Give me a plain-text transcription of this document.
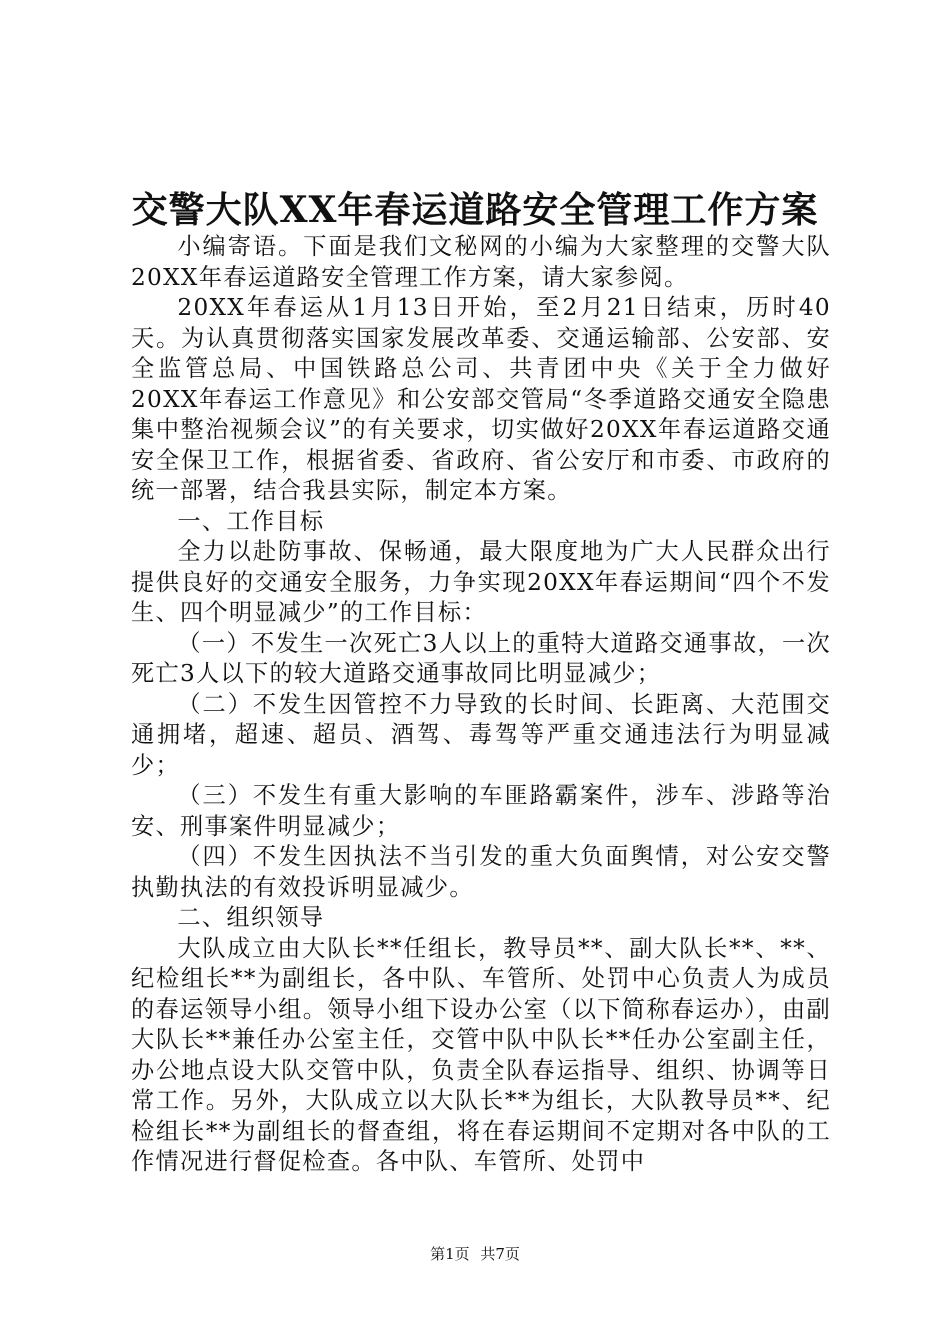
交警大队XX年春运道路安全管理工作方案

小编寄语。下面是我们文秘网的小编为大家整理的交警大队20XX年春运道路安全管理工作方案，请大家参阅。

20XX年春运从1月13日开始，至2月21日结束，历时40天。为认真贯彻落实国家发展改革委、交通运输部、公安部、安全监管总局、中国铁路总公司、共青团中央《关于全力做好20XX年春运工作意见》和公安部交管局“冬季道路交通安全隐患集中整治视频会议”的有关要求，切实做好20XX年春运道路交通安全保卫工作，根据省委、省政府、省公安厅和市委、市政府的统一部署，结合我县实际，制定本方案。

一、工作目标

全力以赴防事故、保畅通，最大限度地为广大人民群众出行提供良好的交通安全服务，力争实现20XX年春运期间“四个不发生、四个明显减少”的工作目标：

（一）不发生一次死亡3人以上的重特大道路交通事故，一次死亡3人以下的较大道路交通事故同比明显减少；

（二）不发生因管控不力导致的长时间、长距离、大范围交通拥堵，超速、超员、酒驾、毒驾等严重交通违法行为明显减少；

（三）不发生有重大影响的车匪路霸案件，涉车、涉路等治安、刑事案件明显减少；

（四）不发生因执法不当引发的重大负面舆情，对公安交警执勤执法的有效投诉明显减少。

二、组织领导

大队成立由大队长**任组长，教导员**、副大队长**、**、纪检组长**为副组长，各中队、车管所、处罚中心负责人为成员的春运领导小组。领导小组下设办公室（以下简称春运办），由副大队长**兼任办公室主任，交管中队中队长**任办公室副主任，办公地点设大队交管中队，负责全队春运指导、组织、协调等日常工作。另外，大队成立以大队长**为组长，大队教导员**、纪检组长**为副组长的督查组，将在春运期间不定期对各中队的工作情况进行督促检查。各中队、车管所、处罚中

第1页 共7页
